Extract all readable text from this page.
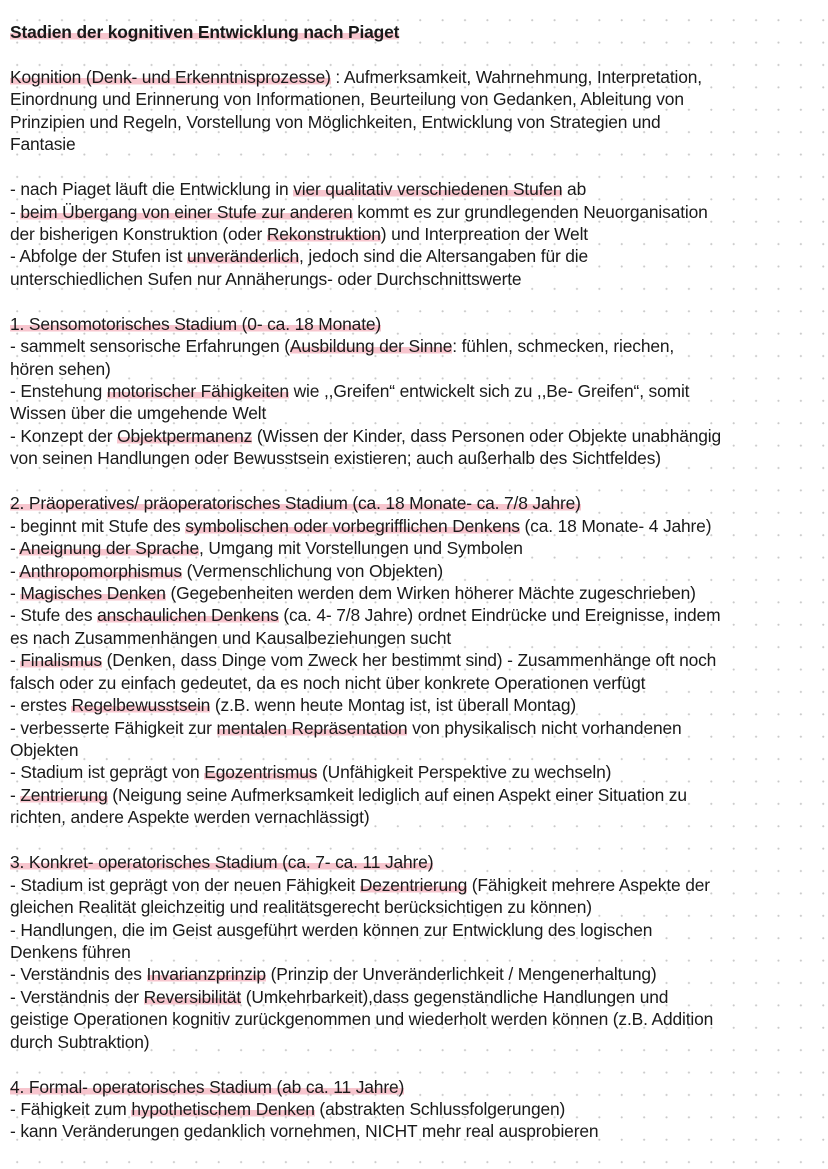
Stadien der kognitiven Entwicklung nach Piaget
Kognition (Denk- und Erkenntnisprozesse) : Aufmerksamkeit, Wahrnehmung, Interpretation,
Einordnung und Erinnerung von Informationen, Beurteilung von Gedanken, Ableitung von
Prinzipien und Regeln, Vorstellung von Möglichkeiten, Entwicklung von Strategien und
Fantasie
- nach Piaget läuft die Entwicklung in vier qualitativ verschiedenen Stufen ab
- beim Übergang von einer Stufe zur anderen kommt es zur grundlegenden Neuorganisation
der bisherigen Konstruktion (oder Rekonstruktion) und Interpreation der Welt
- Abfolge der Stufen ist unveränderlich, jedoch sind die Altersangaben für die
unterschiedlichen Sufen nur Annäherungs- oder Durchschnittswerte
1. Sensomotorisches Stadium (0- ca. 18 Monate)
- sammelt sensorische Erfahrungen (Ausbildung der Sinne: fühlen, schmecken, riechen,
hören sehen)
- Enstehung motorischer Fähigkeiten wie ,,Greifen“ entwickelt sich zu ,,Be- Greifen“, somit
Wissen über die umgehende Welt
- Konzept der Objektpermanenz (Wissen der Kinder, dass Personen oder Objekte unabhängig
von seinen Handlungen oder Bewusstsein existieren; auch außerhalb des Sichtfeldes)
2. Präoperatives/ präoperatorisches Stadium (ca. 18 Monate- ca. 7/8 Jahre)
- beginnt mit Stufe des symbolischen oder vorbegrifflichen Denkens (ca. 18 Monate- 4 Jahre)
- Aneignung der Sprache, Umgang mit Vorstellungen und Symbolen
- Anthropomorphismus (Vermenschlichung von Objekten)
- Magisches Denken (Gegebenheiten werden dem Wirken höherer Mächte zugeschrieben)
- Stufe des anschaulichen Denkens (ca. 4- 7/8 Jahre) ordnet Eindrücke und Ereignisse, indem
es nach Zusammenhängen und Kausalbeziehungen sucht
- Finalismus (Denken, dass Dinge vom Zweck her bestimmt sind) - Zusammenhänge oft noch
falsch oder zu einfach gedeutet, da es noch nicht über konkrete Operationen verfügt
- erstes Regelbewusstsein (z.B. wenn heute Montag ist, ist überall Montag)
- verbesserte Fähigkeit zur mentalen Repräsentation von physikalisch nicht vorhandenen
Objekten
- Stadium ist geprägt von Egozentrismus (Unfähigkeit Perspektive zu wechseln)
- Zentrierung (Neigung seine Aufmerksamkeit lediglich auf einen Aspekt einer Situation zu
richten, andere Aspekte werden vernachlässigt)
3. Konkret- operatorisches Stadium (ca. 7- ca. 11 Jahre)
- Stadium ist geprägt von der neuen Fähigkeit Dezentrierung (Fähigkeit mehrere Aspekte der
gleichen Realität gleichzeitig und realitätsgerecht berücksichtigen zu können)
- Handlungen, die im Geist ausgeführt werden können zur Entwicklung des logischen
Denkens führen
- Verständnis des Invarianzprinzip (Prinzip der Unveränderlichkeit / Mengenerhaltung)
- Verständnis der Reversibilität (Umkehrbarkeit),dass gegenständliche Handlungen und
geistige Operationen kognitiv zurückgenommen und wiederholt werden können (z.B. Addition
durch Subtraktion)
4. Formal- operatorisches Stadium (ab ca. 11 Jahre)
- Fähigkeit zum hypothetischem Denken (abstrakten Schlussfolgerungen)
- kann Veränderungen gedanklich vornehmen, NICHT mehr real ausprobieren
